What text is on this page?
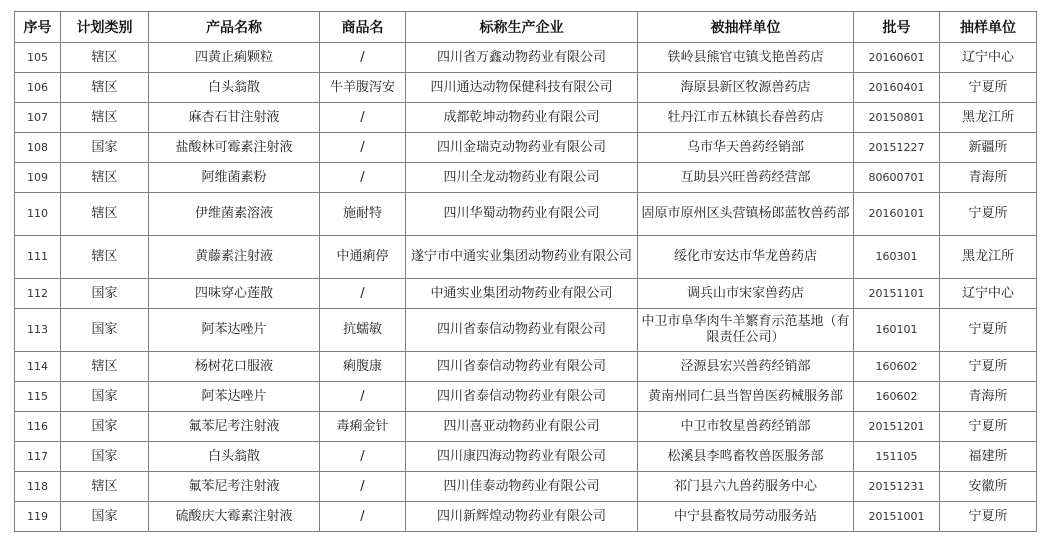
序号	计划类别	产品名称	商品名	标称生产企业	被抽样单位	批号	抽样单位
105	辖区	四黄止痢颗粒	/	四川省万鑫动物药业有限公司	铁岭县熊官屯镇戈艳兽药店	20160601	辽宁中心
106	辖区	白头翁散	牛羊腹泻安	四川通达动物保健科技有限公司	海原县新区牧源兽药店	20160401	宁夏所
107	辖区	麻杏石甘注射液	/	成都乾坤动物药业有限公司	牡丹江市五林镇长春兽药店	20150801	黑龙江所
108	国家	盐酸林可霉素注射液	/	四川金瑞克动物药业有限公司	乌市华天兽药经销部	20151227	新疆所
109	辖区	阿维菌素粉	/	四川全龙动物药业有限公司	互助县兴旺兽药经营部	80600701	青海所
110	辖区	伊维菌素溶液	施耐特	四川华蜀动物药业有限公司	固原市原州区头营镇杨郎蓝牧兽药部	20160101	宁夏所
111	辖区	黄藤素注射液	中通痢停	遂宁市中通实业集团动物药业有限公司	绥化市安达市华龙兽药店	160301	黑龙江所
112	国家	四味穿心莲散	/	中通实业集团动物药业有限公司	调兵山市宋家兽药店	20151101	辽宁中心
113	国家	阿苯达唑片	抗蠕敏	四川省泰信动物药业有限公司	中卫市阜华肉牛羊繁育示范基地（有限责任公司）	160101	宁夏所
114	辖区	杨树花口服液	痢腹康	四川省泰信动物药业有限公司	泾源县宏兴兽药经销部	160602	宁夏所
115	国家	阿苯达唑片	/	四川省泰信动物药业有限公司	黄南州同仁县当智兽医药械服务部	160602	青海所
116	国家	氟苯尼考注射液	毒痢金针	四川喜亚动物药业有限公司	中卫市牧星兽药经销部	20151201	宁夏所
117	国家	白头翁散	/	四川康四海动物药业有限公司	松溪县李鸣畜牧兽医服务部	151105	福建所
118	辖区	氟苯尼考注射液	/	四川佳泰动物药业有限公司	祁门县六九兽药服务中心	20151231	安徽所
119	国家	硫酸庆大霉素注射液	/	四川新辉煌动物药业有限公司	中宁县畜牧局劳动服务站	20151001	宁夏所
